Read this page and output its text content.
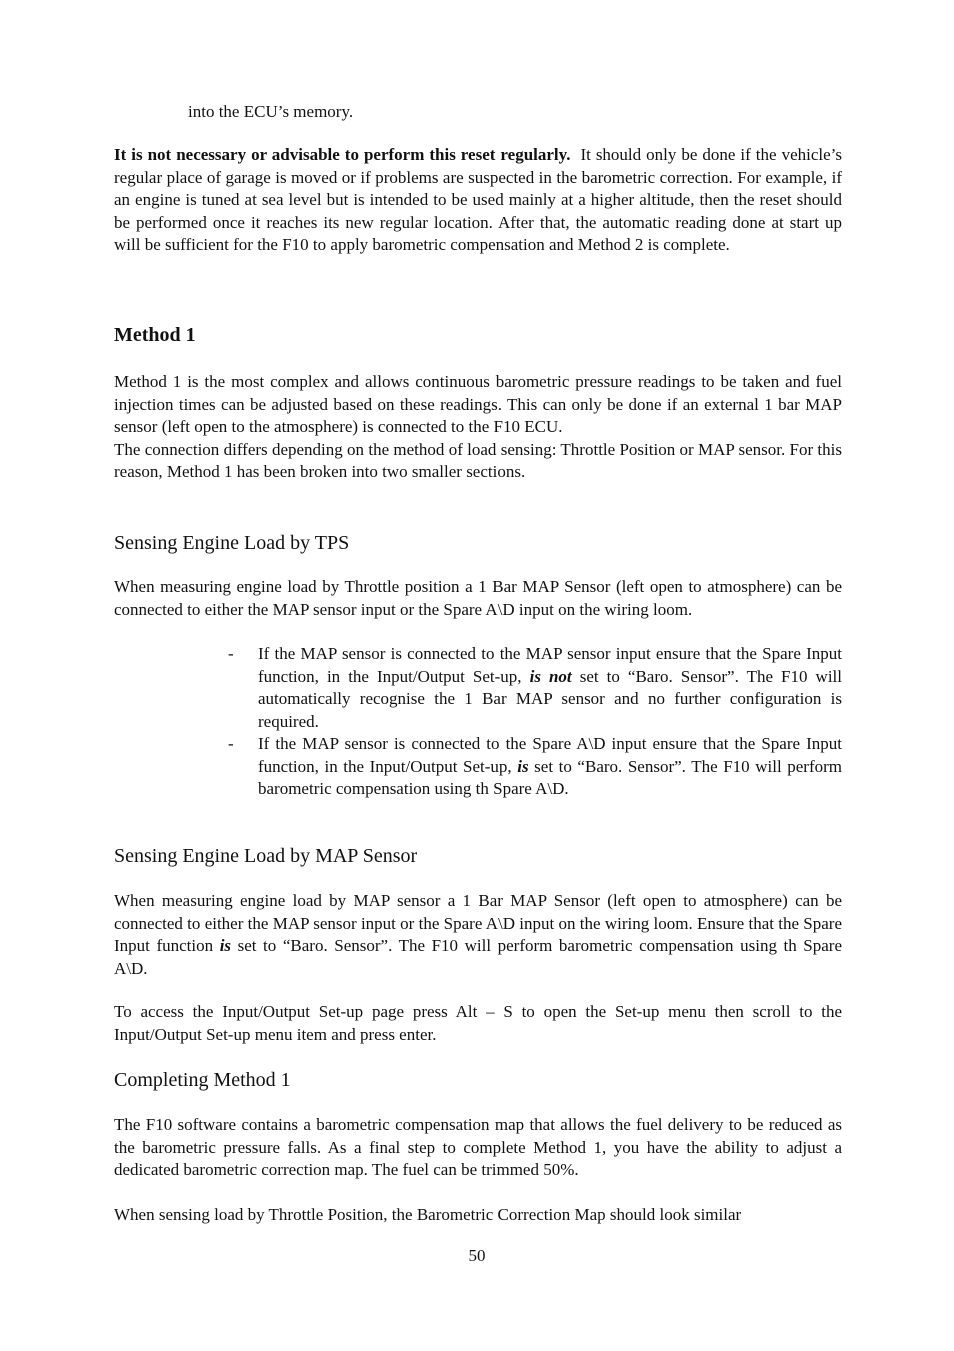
into the ECU’s memory.

It is not necessary or advisable to perform this reset regularly. It should only be done if the vehicle’s regular place of garage is moved or if problems are suspected in the barometric correction. For example, if an engine is tuned at sea level but is intended to be used mainly at a higher altitude, then the reset should be performed once it reaches its new regular location. After that, the automatic reading done at start up will be sufficient for the F10 to apply barometric compensation and Method 2 is complete.

Method 1

Method 1 is the most complex and allows continuous barometric pressure readings to be taken and fuel injection times can be adjusted based on these readings. This can only be done if an external 1 bar MAP sensor (left open to the atmosphere) is connected to the F10 ECU.
The connection differs depending on the method of load sensing: Throttle Position or MAP sensor. For this reason, Method 1 has been broken into two smaller sections.

Sensing Engine Load by TPS

When measuring engine load by Throttle position a 1 Bar MAP Sensor (left open to atmosphere) can be connected to either the MAP sensor input or the Spare A\D input on the wiring loom.

- If the MAP sensor is connected to the MAP sensor input ensure that the Spare Input function, in the Input/Output Set-up, is not set to “Baro. Sensor”. The F10 will automatically recognise the 1 Bar MAP sensor and no further configuration is required.
- If the MAP sensor is connected to the Spare A\D input ensure that the Spare Input function, in the Input/Output Set-up, is set to “Baro. Sensor”. The F10 will perform barometric compensation using th Spare A\D.
Sensing Engine Load by MAP Sensor

When measuring engine load by MAP sensor a 1 Bar MAP Sensor (left open to atmosphere) can be connected to either the MAP sensor input or the Spare A\D input on the wiring loom. Ensure that the Spare Input function is set to “Baro. Sensor”. The F10 will perform barometric compensation using th Spare A\D.

To access the Input/Output Set-up page press Alt – S to open the Set-up menu then scroll to the Input/Output Set-up menu item and press enter.

Completing Method 1

The F10 software contains a barometric compensation map that allows the fuel delivery to be reduced as the barometric pressure falls. As a final step to complete Method 1, you have the ability to adjust a dedicated barometric correction map. The fuel can be trimmed 50%.

When sensing load by Throttle Position, the Barometric Correction Map should look similar

50
